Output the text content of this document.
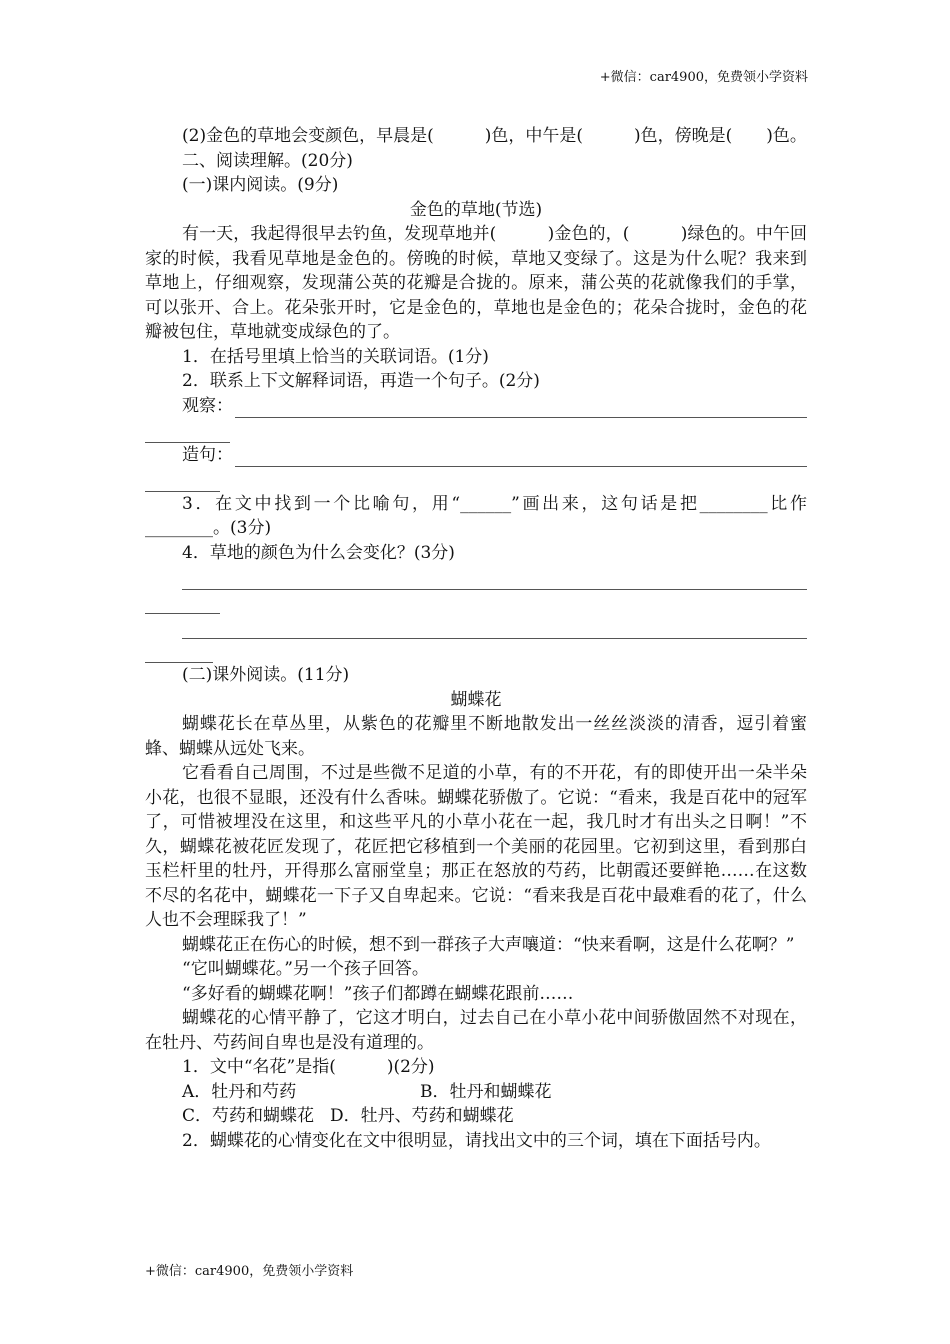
+微信：car4900，免费领小学资料

(2)金色的草地会变颜色，早晨是(　　　)色，中午是(　　　)色，傍晚是(　　)色。

二、阅读理解。(20分)

(一)课内阅读。(9分)

金色的草地(节选)

有一天，我起得很早去钓鱼，发现草地并(　　　)金色的，(　　　)绿色的。中午回家的时候，我看见草地是金色的。傍晚的时候，草地又变绿了。这是为什么呢？我来到草地上，仔细观察，发现蒲公英的花瓣是合拢的。原来，蒲公英的花就像我们的手掌，可以张开、合上。花朵张开时，它是金色的，草地也是金色的；花朵合拢时，金色的花瓣被包住，草地就变成绿色的了。

1．在括号里填上恰当的关联词语。(1分)

2．联系上下文解释词语，再造一个句子。(2分)

观察：
造句：

3．在文中找到一个比喻句，用“______”画出来，这句话是把________比作________。(3分)

4．草地的颜色为什么会变化？(3分)

(二)课外阅读。(11分)

蝴蝶花

蝴蝶花长在草丛里，从紫色的花瓣里不断地散发出一丝丝淡淡的清香，逗引着蜜蜂、蝴蝶从远处飞来。

它看看自己周围，不过是些微不足道的小草，有的不开花，有的即使开出一朵半朵小花，也很不显眼，还没有什么香味。蝴蝶花骄傲了。它说：“看来，我是百花中的冠军了，可惜被埋没在这里，和这些平凡的小草小花在一起，我几时才有出头之日啊！”不久，蝴蝶花被花匠发现了，花匠把它移植到一个美丽的花园里。它初到这里，看到那白玉栏杆里的牡丹，开得那么富丽堂皇；那正在怒放的芍药，比朝霞还要鲜艳……在这数不尽的名花中，蝴蝶花一下子又自卑起来。它说：“看来我是百花中最难看的花了，什么人也不会理睬我了！”

蝴蝶花正在伤心的时候，想不到一群孩子大声嚷道：“快来看啊，这是什么花啊？”

“它叫蝴蝶花。”另一个孩子回答。

“多好看的蝴蝶花啊！”孩子们都蹲在蝴蝶花跟前……

蝴蝶花的心情平静了，它这才明白，过去自己在小草小花中间骄傲固然不对现在，在牡丹、芍药间自卑也是没有道理的。

1．文中“名花”是指(　　　)(2分)

A．牡丹和芍药	B．牡丹和蝴蝶花
C．芍药和蝴蝶花 D．牡丹、芍药和蝴蝶花

2．蝴蝶花的心情变化在文中很明显，请找出文中的三个词，填在下面括号内。

+微信：car4900，免费领小学资料
